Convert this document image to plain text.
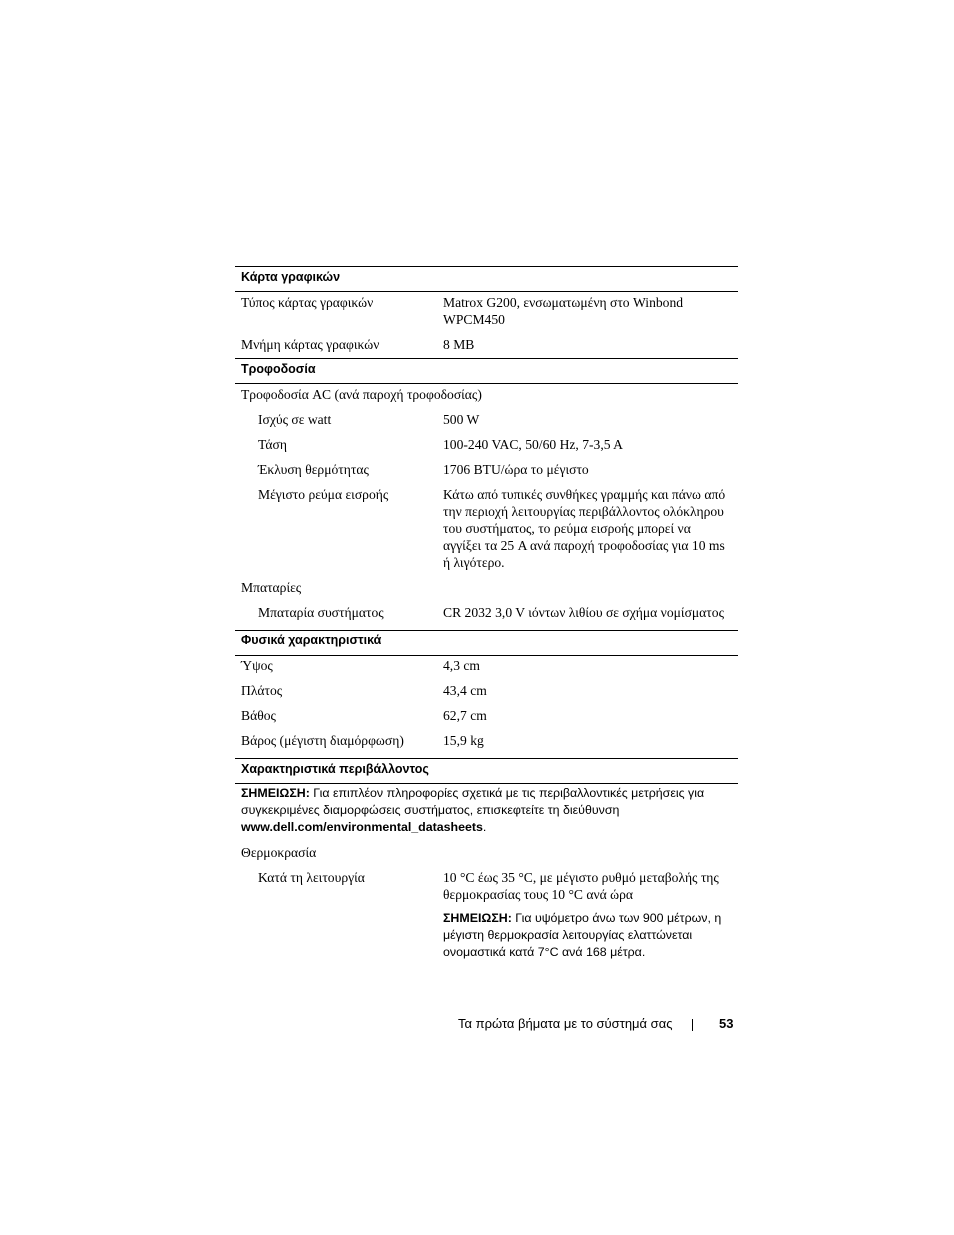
Κάρτα γραφικών
Τύπος κάρτας γραφικών	Matrox G200, ενσωματωμένη στο Winbond
WPCM450
Μνήμη κάρτας γραφικών	8 MB
Τροφοδοσία
Τροφοδοσία AC (ανά παροχή τροφοδοσίας)
Ισχύς σε watt	500 W
Τάση	100-240 VAC, 50/60 Hz, 7-3,5 A
Έκλυση θερμότητας	1706 BTU/ώρα το μέγιστο
Μέγιστο ρεύμα εισροής	Κάτω από τυπικές συνθήκες γραμμής και πάνω από
την περιοχή λειτουργίας περιβάλλοντος ολόκληρου
του συστήματος, το ρεύμα εισροής μπορεί να
αγγίξει τα 25 A ανά παροχή τροφοδοσίας για 10 ms
ή λιγότερο.
Μπαταρίες
Μπαταρία συστήματος	CR 2032 3,0 V ιόντων λιθίου σε σχήμα νομίσματος
Φυσικά χαρακτηριστικά
Ύψος	4,3 cm
Πλάτος	43,4 cm
Βάθος	62,7 cm
Βάρος (μέγιστη διαμόρφωση)	15,9 kg
Χαρακτηριστικά περιβάλλοντος
ΣΗΜΕΙΩΣΗ: Για επιπλέον πληροφορίες σχετικά με τις περιβαλλοντικές μετρήσεις για
συγκεκριμένες διαμορφώσεις συστήματος, επισκεφτείτε τη διεύθυνση
www.dell.com/environmental_datasheets.
Θερμοκρασία
Κατά τη λειτουργία	10 °C έως 35 °C, με μέγιστο ρυθμό μεταβολής της
θερμοκρασίας τους 10 °C ανά ώρα
ΣΗΜΕΙΩΣΗ: Για υψόμετρο άνω των 900 μέτρων, η
μέγιστη θερμοκρασία λειτουργίας ελαττώνεται
ονομαστικά κατά 7°C ανά 168 μέτρα.
Τα πρώτα βήματα με το σύστημά σας	53
